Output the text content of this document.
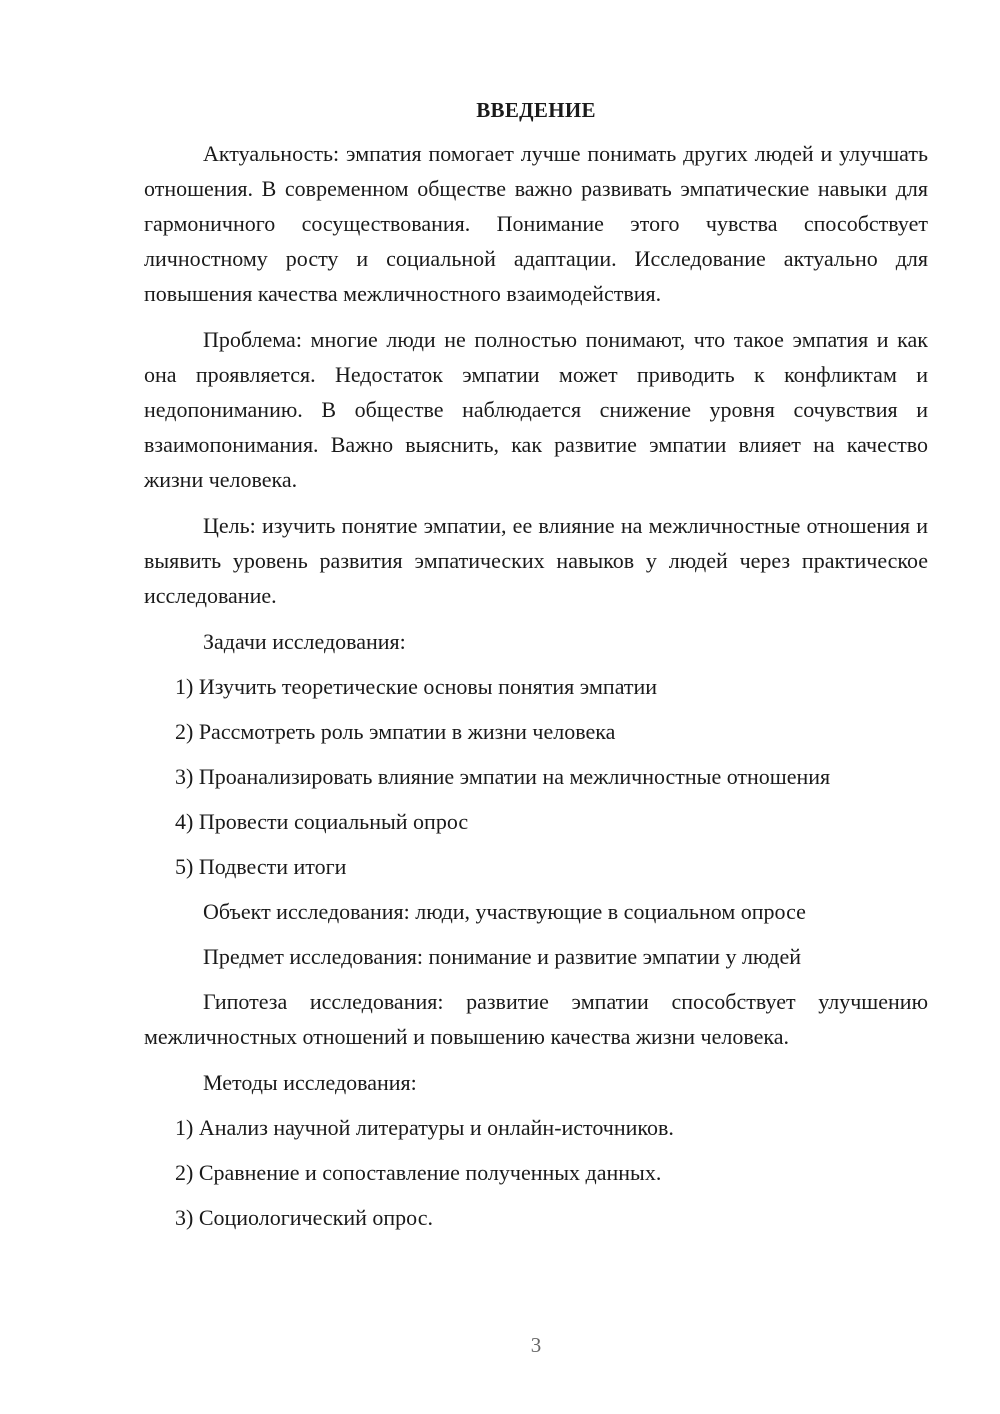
ВВЕДЕНИЕ

Актуальность: эмпатия помогает лучше понимать других людей и улучшать отношения. В современном обществе важно развивать эмпатические навыки для гармоничного сосуществования. Понимание этого чувства способствует личностному росту и социальной адаптации. Исследование актуально для повышения качества межличностного взаимодействия.

Проблема: многие люди не полностью понимают, что такое эмпатия и как она проявляется. Недостаток эмпатии может приводить к конфликтам и недопониманию. В обществе наблюдается снижение уровня сочувствия и взаимопонимания. Важно выяснить, как развитие эмпатии влияет на качество жизни человека.

Цель: изучить понятие эмпатии, ее влияние на межличностные отношения и выявить уровень развития эмпатических навыков у людей через практическое исследование.

Задачи исследования:
1) Изучить теоретические основы понятия эмпатии
2) Рассмотреть роль эмпатии в жизни человека
3) Проанализировать влияние эмпатии на межличностные отношения
4) Провести социальный опрос
5) Подвести итоги
Объект исследования: люди, участвующие в социальном опросе
Предмет исследования: понимание и развитие эмпатии у людей

Гипотеза исследования: развитие эмпатии способствует улучшению межличностных отношений и повышению качества жизни человека.

Методы исследования:
1) Анализ научной литературы и онлайн-источников.
2) Сравнение и сопоставление полученных данных.
3) Социологический опрос.
3
